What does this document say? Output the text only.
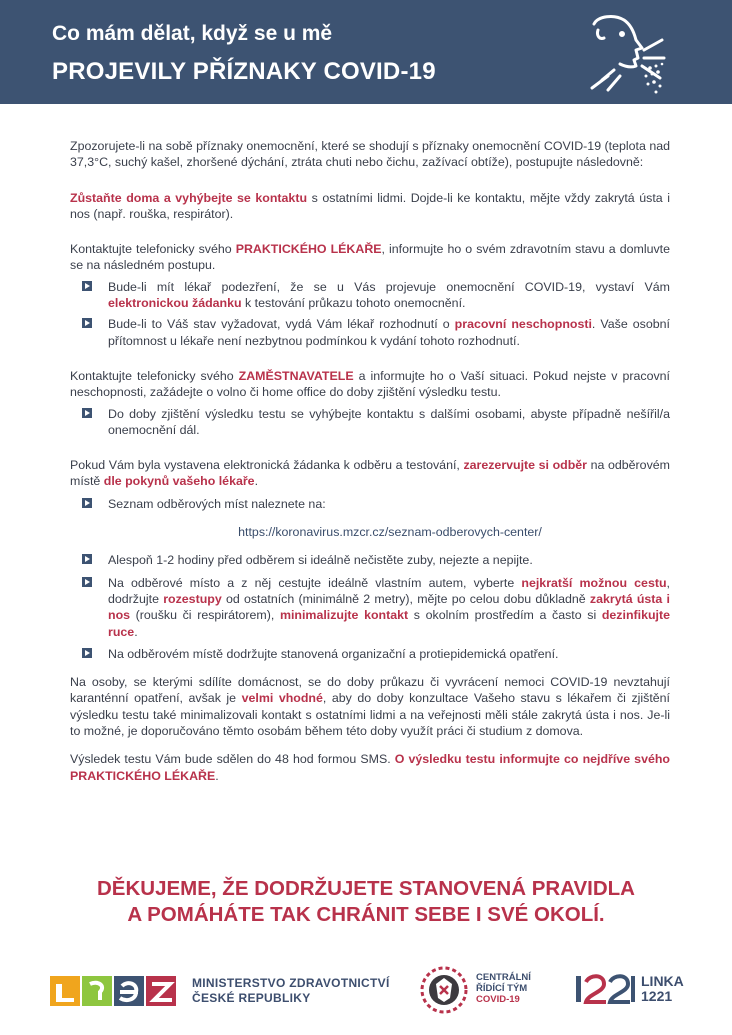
Co mám dělat, když se u mě
PROJEVILY PŘÍZNAKY COVID-19

Zpozorujete-li na sobě příznaky onemocnění, které se shodují s příznaky onemocnění COVID-19 (teplota nad 37,3°C, suchý kašel, zhoršené dýchání, ztráta chuti nebo čichu, zažívací obtíže), postupujte následovně:

Zůstaňte doma a vyhýbejte se kontaktu s ostatními lidmi. Dojde-li ke kontaktu, mějte vždy zakrytá ústa i nos (např. rouška, respirátor).

Kontaktujte telefonicky svého PRAKTICKÉHO LÉKAŘE, informujte ho o svém zdravotním stavu a domluvte se na následném postupu.

Bude-li mít lékař podezření, že se u Vás projevuje onemocnění COVID-19, vystaví Vám elektronickou žádanku k testování průkazu tohoto onemocnění.

Bude-li to Váš stav vyžadovat, vydá Vám lékař rozhodnutí o pracovní neschopnosti. Vaše osobní přítomnost u lékaře není nezbytnou podmínkou k vydání tohoto rozhodnutí.

Kontaktujte telefonicky svého ZAMĚSTNAVATELE a informujte ho o Vaší situaci. Pokud nejste v pracovní neschopnosti, zažádejte o volno či home office do doby zjištění výsledku testu.

Do doby zjištění výsledku testu se vyhýbejte kontaktu s dalšími osobami, abyste případně nešířil/a onemocnění dál.

Pokud Vám byla vystavena elektronická žádanka k odběru a testování, zarezervujte si odběr na odběrovém místě dle pokynů vašeho lékaře.

Seznam odběrových míst naleznete na:

https://koronavirus.mzcr.cz/seznam-odberovych-center/

Alespoň 1-2 hodiny před odběrem si ideálně nečistěte zuby, nejezte a nepijte.

Na odběrové místo a z něj cestujte ideálně vlastním autem, vyberte nejkratší možnou cestu, dodržujte rozestupy od ostatních (minimálně 2 metry), mějte po celou dobu důkladně zakrytá ústa i nos (roušku či respirátorem), minimalizujte kontakt s okolním prostředím a často si dezinfikujte ruce.

Na odběrovém místě dodržujte stanovená organizační a protiepidemická opatření.

Na osoby, se kterými sdílíte domácnost, se do doby průkazu či vyvrácení nemoci COVID-19 nevztahují karanténní opatření, avšak je velmi vhodné, aby do doby konzultace Vašeho stavu s lékařem či zjištění výsledku testu také minimalizovali kontakt s ostatními lidmi a na veřejnosti měli stále zakrytá ústa i nos. Je-li to možné, je doporučováno těmto osobám během této doby využít práci či studium z domova.

Výsledek testu Vám bude sdělen do 48 hod formou SMS. O výsledku testu informujte co nejdříve svého PRAKTICKÉHO LÉKAŘE.

DĚKUJEME, ŽE DODRŽUJETE STANOVENÁ PRAVIDLA
A POMÁHÁTE TAK CHRÁNIT SEBE I SVÉ OKOLÍ.
MINISTERSTVO ZDRAVOTNICTVÍ
ČESKÉ REPUBLIKY
CENTRÁLNÍ
ŘÍDÍCÍ TÝM
COVID-19
LINKA
1221
